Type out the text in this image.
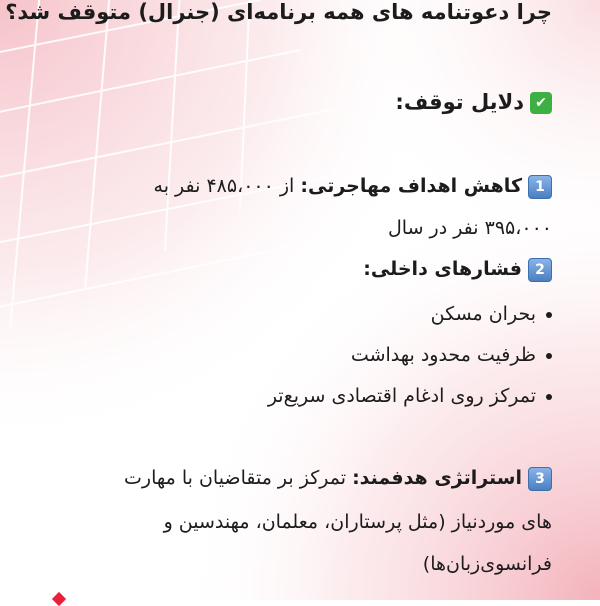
چرا دعوتنامه های همه برنامه‌ای (جنرال) متوقف شد؟
✔دلایل توقف:
1کاهش اهداف مهاجرتی: از ۴۸۵،۰۰۰ نفر به
۳۹۵،۰۰۰ نفر در سال
2فشارهای داخلی:
بحران مسکن
ظرفیت محدود بهداشت
تمرکز روی ادغام اقتصادی سریع‌تر
3استراتژی هدفمند: تمرکز بر متقاضیان با مهارت
های موردنیاز (مثل پرستاران، معلمان، مهندسین و
فرانسوی‌زبان‌ها)
